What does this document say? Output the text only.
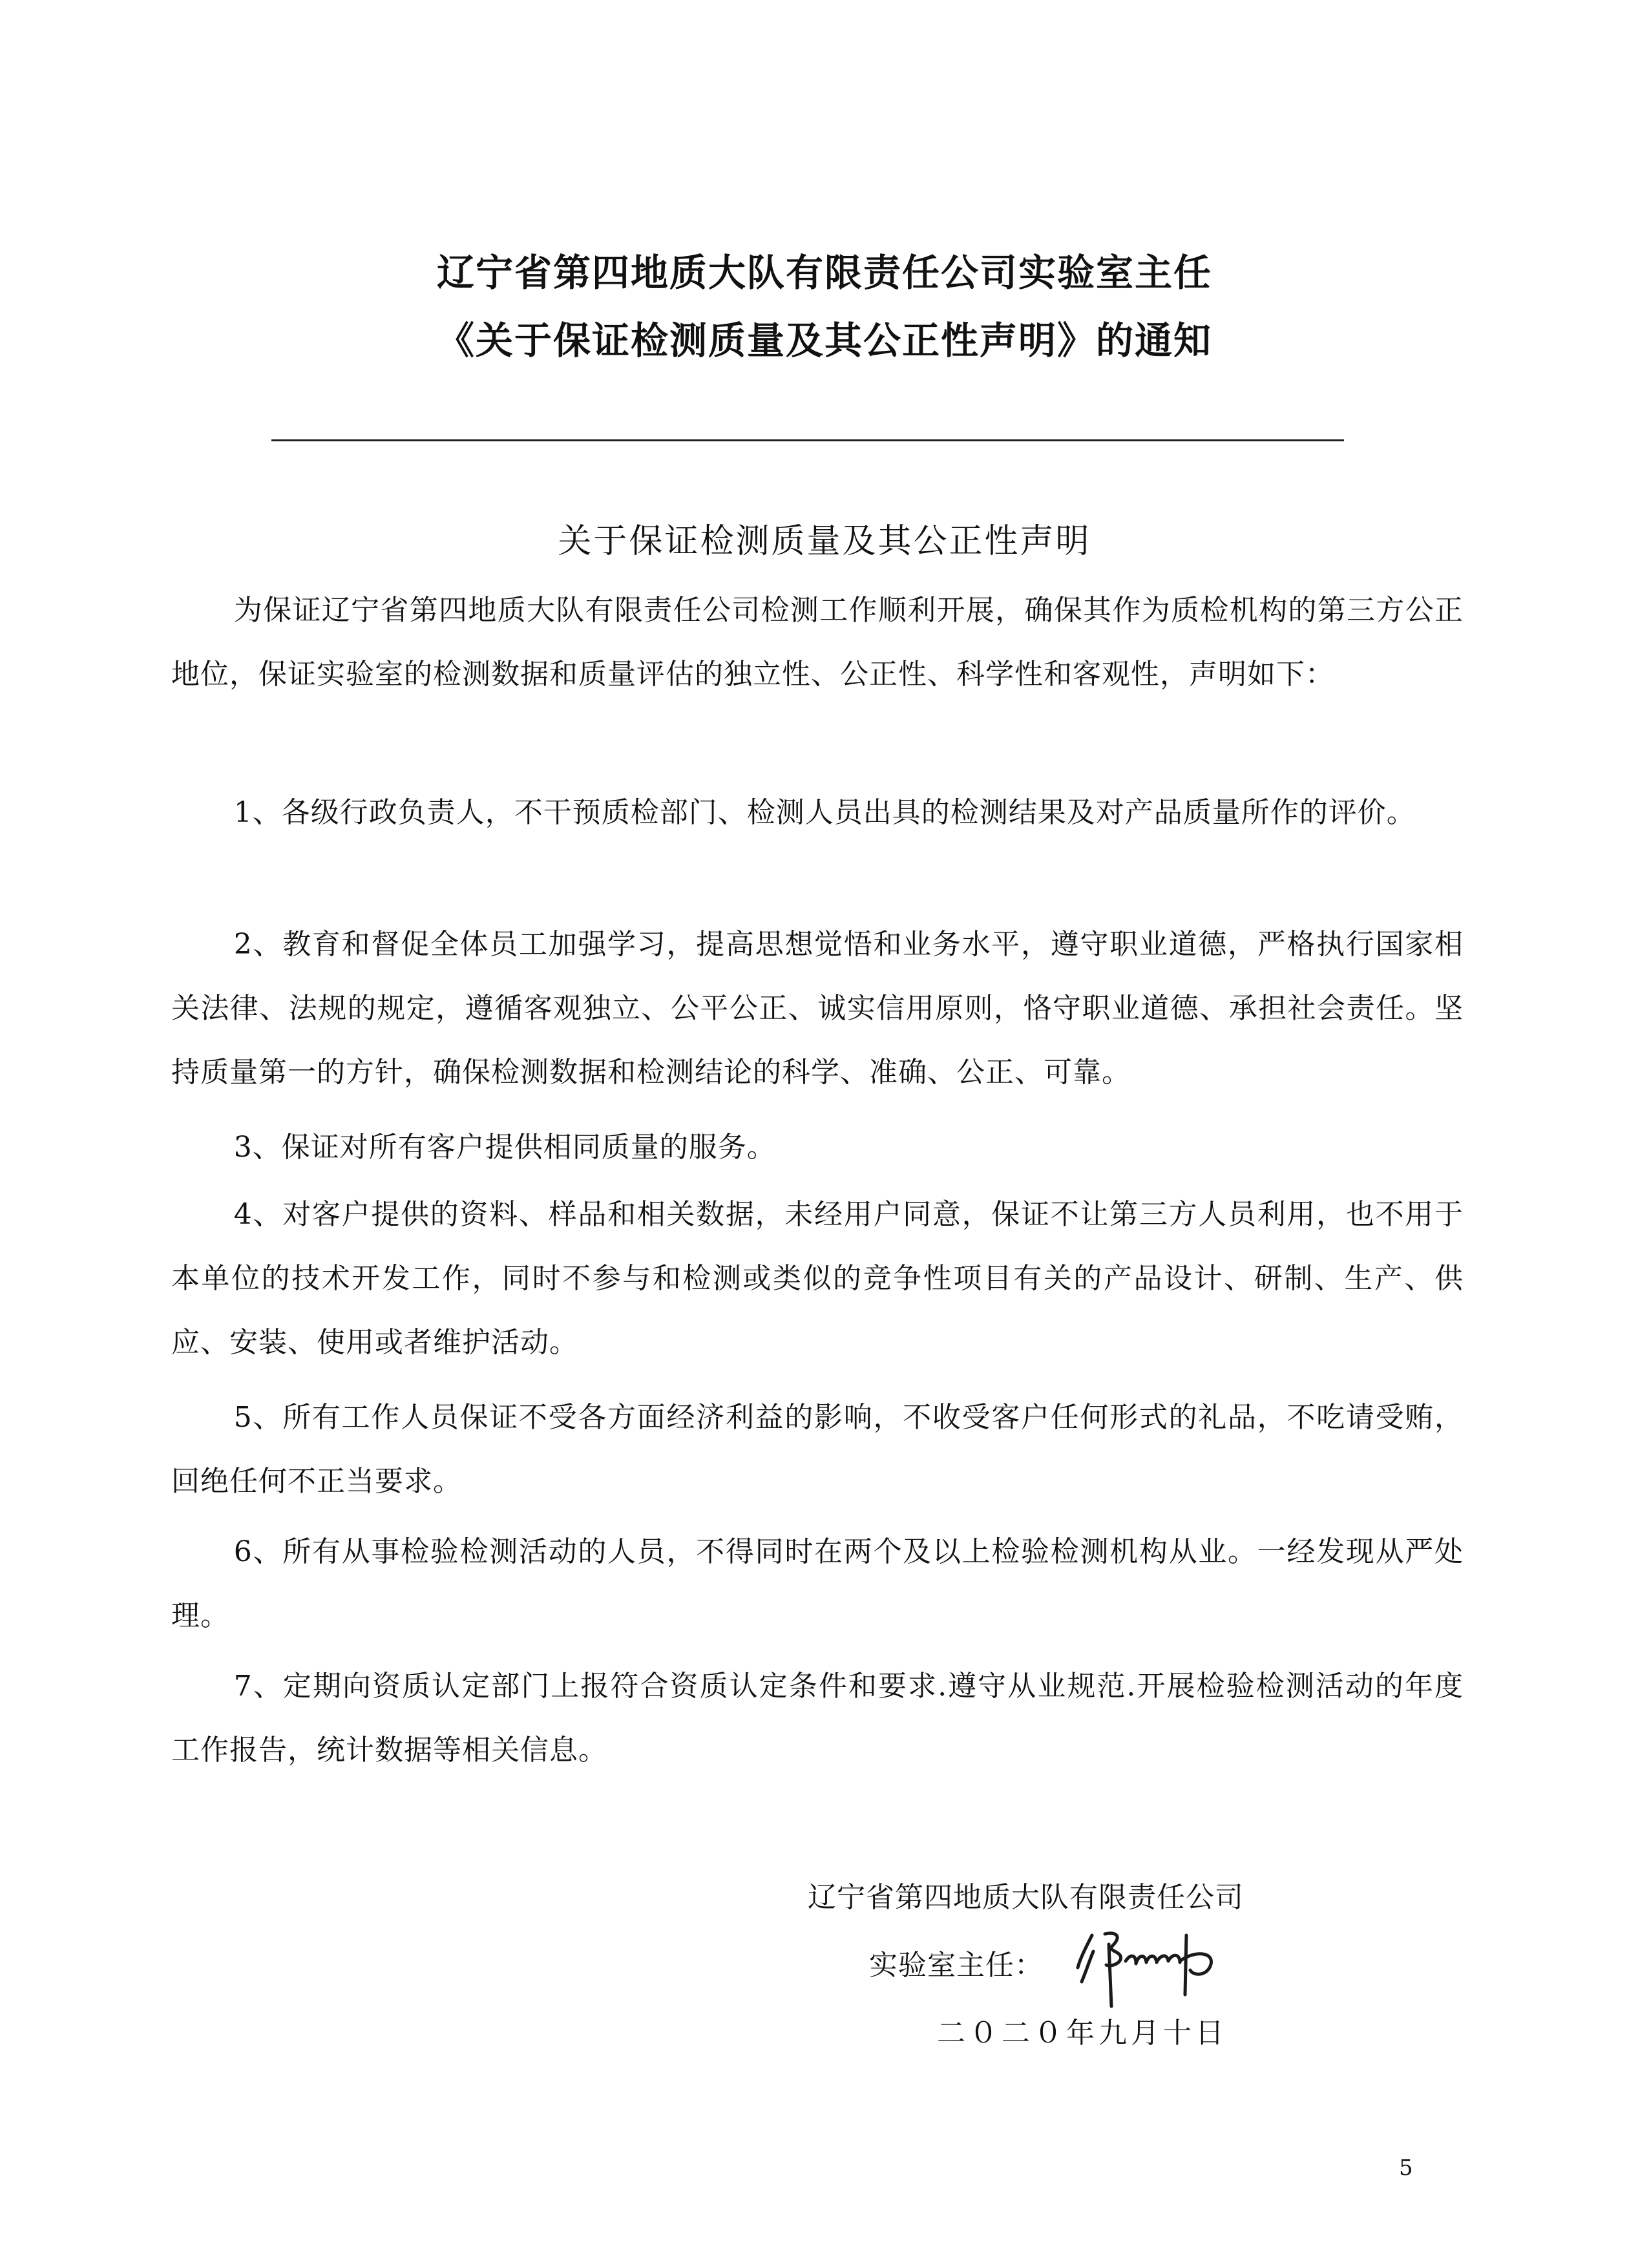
辽宁省第四地质大队有限责任公司实验室主任
《关于保证检测质量及其公正性声明》的通知
关于保证检测质量及其公正性声明

为保证辽宁省第四地质大队有限责任公司检测工作顺利开展，确保其作为质检机构的第三方公正地位，保证实验室的检测数据和质量评估的独立性、公正性、科学性和客观性，声明如下：

1、各级行政负责人，不干预质检部门、检测人员出具的检测结果及对产品质量所作的评价。

2、教育和督促全体员工加强学习，提高思想觉悟和业务水平，遵守职业道德，严格执行国家相关法律、法规的规定，遵循客观独立、公平公正、诚实信用原则，恪守职业道德、承担社会责任。坚持质量第一的方针，确保检测数据和检测结论的科学、准确、公正、可靠。

3、保证对所有客户提供相同质量的服务。

4、对客户提供的资料、样品和相关数据，未经用户同意，保证不让第三方人员利用，也不用于本单位的技术开发工作，同时不参与和检测或类似的竞争性项目有关的产品设计、研制、生产、供应、安装、使用或者维护活动。

5、所有工作人员保证不受各方面经济利益的影响，不收受客户任何形式的礼品，不吃请受贿，回绝任何不正当要求。

6、所有从事检验检测活动的人员，不得同时在两个及以上检验检测机构从业。一经发现从严处理。

7、定期向资质认定部门上报符合资质认定条件和要求.遵守从业规范.开展检验检测活动的年度工作报告，统计数据等相关信息。

辽宁省第四地质大队有限责任公司
实验室主任：
二０二０年九月十日
5
